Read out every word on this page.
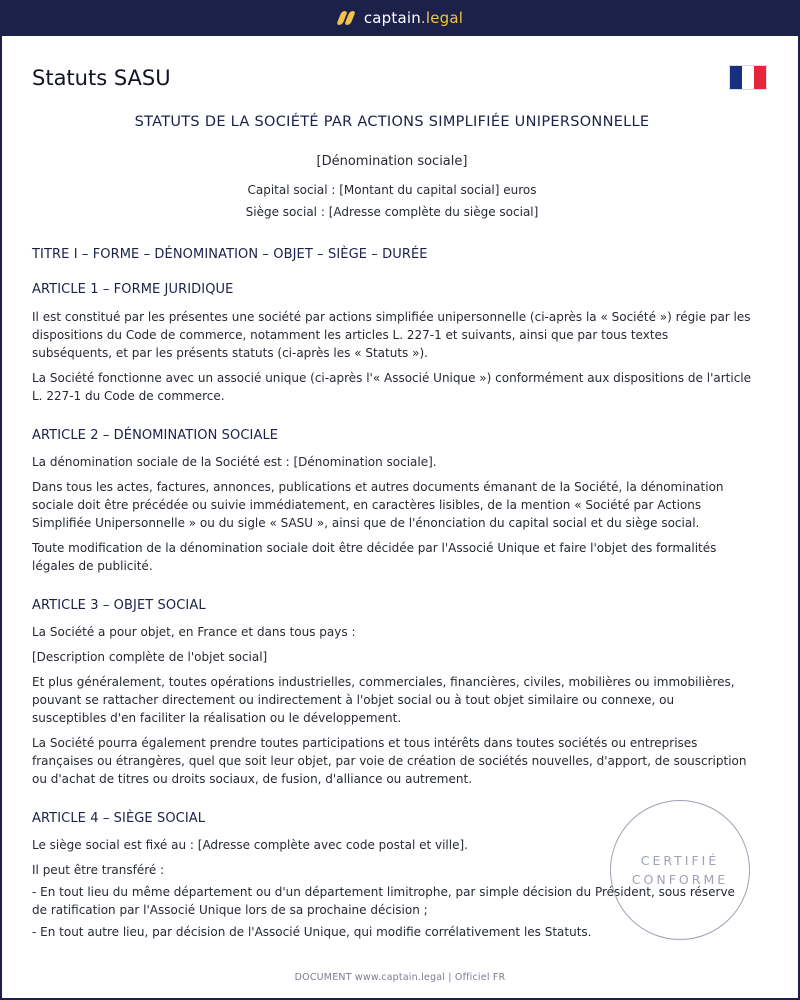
captain.legal
Statuts SASU
STATUTS DE LA SOCIÉTÉ PAR ACTIONS SIMPLIFIÉE UNIPERSONNELLE
[Dénomination sociale]
Capital social : [Montant du capital social] euros
Siège social : [Adresse complète du siège social]
TITRE I – FORME – DÉNOMINATION – OBJET – SIÈGE – DURÉE
ARTICLE 1 – FORME JURIDIQUE
Il est constitué par les présentes une société par actions simplifiée unipersonnelle (ci-après la « Société ») régie par les dispositions du Code de commerce, notamment les articles L. 227-1 et suivants, ainsi que par tous textes subséquents, et par les présents statuts (ci-après les « Statuts »).
La Société fonctionne avec un associé unique (ci-après l'« Associé Unique ») conformément aux dispositions de l'article L. 227-1 du Code de commerce.
ARTICLE 2 – DÉNOMINATION SOCIALE
La dénomination sociale de la Société est : [Dénomination sociale].
Dans tous les actes, factures, annonces, publications et autres documents émanant de la Société, la dénomination sociale doit être précédée ou suivie immédiatement, en caractères lisibles, de la mention « Société par Actions Simplifiée Unipersonnelle » ou du sigle « SASU », ainsi que de l'énonciation du capital social et du siège social.
Toute modification de la dénomination sociale doit être décidée par l'Associé Unique et faire l'objet des formalités légales de publicité.
ARTICLE 3 – OBJET SOCIAL
La Société a pour objet, en France et dans tous pays :
[Description complète de l'objet social]
Et plus généralement, toutes opérations industrielles, commerciales, financières, civiles, mobilières ou immobilières, pouvant se rattacher directement ou indirectement à l'objet social ou à tout objet similaire ou connexe, ou susceptibles d'en faciliter la réalisation ou le développement.
La Société pourra également prendre toutes participations et tous intérêts dans toutes sociétés ou entreprises françaises ou étrangères, quel que soit leur objet, par voie de création de sociétés nouvelles, d'apport, de souscription ou d'achat de titres ou droits sociaux, de fusion, d'alliance ou autrement.
ARTICLE 4 – SIÈGE SOCIAL
Le siège social est fixé au : [Adresse complète avec code postal et ville].
Il peut être transféré :
- En tout lieu du même département ou d'un département limitrophe, par simple décision du Président, sous réserve de ratification par l'Associé Unique lors de sa prochaine décision ;
- En tout autre lieu, par décision de l'Associé Unique, qui modifie corrélativement les Statuts.
CERTIFIÉ
CONFORME
DOCUMENT www.captain.legal | Officiel FR
